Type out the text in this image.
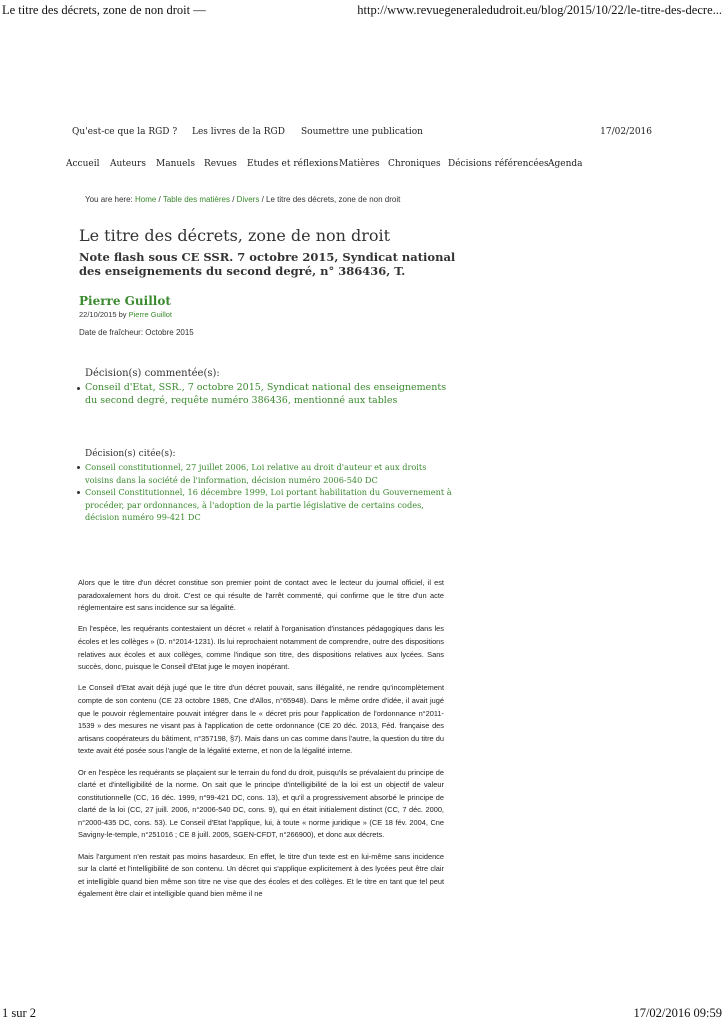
Le titre des décrets, zone de non droit —	http://www.revuegeneraledudroit.eu/blog/2015/10/22/le-titre-des-decre...
Qu'est-ce que la RGD ? Les livres de la RGD Soumettre une publication	17/02/2016
Accueil Auteurs Manuels Revues Etudes et réflexions Matières Chroniques Décisions référencées Agenda
You are here: Home / Table des matières / Divers / Le titre des décrets, zone de non droit
Le titre des décrets, zone de non droit
Note flash sous CE SSR. 7 octobre 2015, Syndicat national des enseignements du second degré, n° 386436, T.
Pierre Guillot
22/10/2015 by Pierre Guillot
Date de fraîcheur: Octobre 2015
Décision(s) commentée(s):
Conseil d'Etat, SSR., 7 octobre 2015, Syndicat national des enseignements du second degré, requête numéro 386436, mentionné aux tables
Décision(s) citée(s):
Conseil constitutionnel, 27 juillet 2006, Loi relative au droit d'auteur et aux droits voisins dans la société de l'information, décision numéro 2006-540 DC
Conseil Constitutionnel, 16 décembre 1999, Loi portant habilitation du Gouvernement à procéder, par ordonnances, à l'adoption de la partie législative de certains codes, décision numéro 99-421 DC

Alors que le titre d'un décret constitue son premier point de contact avec le lecteur du journal officiel, il est paradoxalement hors du droit. C'est ce qui résulte de l'arrêt commenté, qui confirme que le titre d'un acte réglementaire est sans incidence sur sa légalité.

En l'espèce, les requérants contestaient un décret « relatif à l'organisation d'instances pédagogiques dans les écoles et les collèges » (D. n°2014-1231). Ils lui reprochaient notamment de comprendre, outre des dispositions relatives aux écoles et aux collèges, comme l'indique son titre, des dispositions relatives aux lycées. Sans succès, donc, puisque le Conseil d'Etat juge le moyen inopérant.

Le Conseil d'Etat avait déjà jugé que le titre d'un décret pouvait, sans illégalité, ne rendre qu'incomplètement compte de son contenu (CE 23 octobre 1985, Cne d'Allos, n°65948). Dans le même ordre d'idée, il avait jugé que le pouvoir réglementaire pouvait intégrer dans le « décret pris pour l'application de l'ordonnance n°2011-1539 » des mesures ne visant pas à l'application de cette ordonnance (CE 20 déc. 2013, Féd. française des artisans coopérateurs du bâtiment, n°357198, §7). Mais dans un cas comme dans l'autre, la question du titre du texte avait été posée sous l'angle de la légalité externe, et non de la légalité interne.

Or en l'espèce les requérants se plaçaient sur le terrain du fond du droit, puisqu'ils se prévalaient du principe de clarté et d'intelligibilité de la norme. On sait que le principe d'intelligibilité de la loi est un objectif de valeur constitutionnelle (CC, 16 déc. 1999, n°99-421 DC, cons. 13), et qu'il a progressivement absorbé le principe de clarté de la loi (CC, 27 juill. 2006, n°2006-540 DC, cons. 9), qui en était initialement distinct (CC, 7 déc. 2000, n°2000-435 DC, cons. 53). Le Conseil d'Etat l'applique, lui, à toute « norme juridique » (CE 18 fév. 2004, Cne Savigny-le-temple, n°251016 ; CE 8 juill. 2005, SGEN-CFDT, n°266900), et donc aux décrets.

Mais l'argument n'en restait pas moins hasardeux. En effet, le titre d'un texte est en lui-même sans incidence sur la clarté et l'intelligibilité de son contenu. Un décret qui s'applique explicitement à des lycées peut être clair et intelligible quand bien même son titre ne vise que des écoles et des collèges. Et le titre en tant que tel peut également être clair et intelligible quand bien même il ne

1 sur 2	17/02/2016 09:59
